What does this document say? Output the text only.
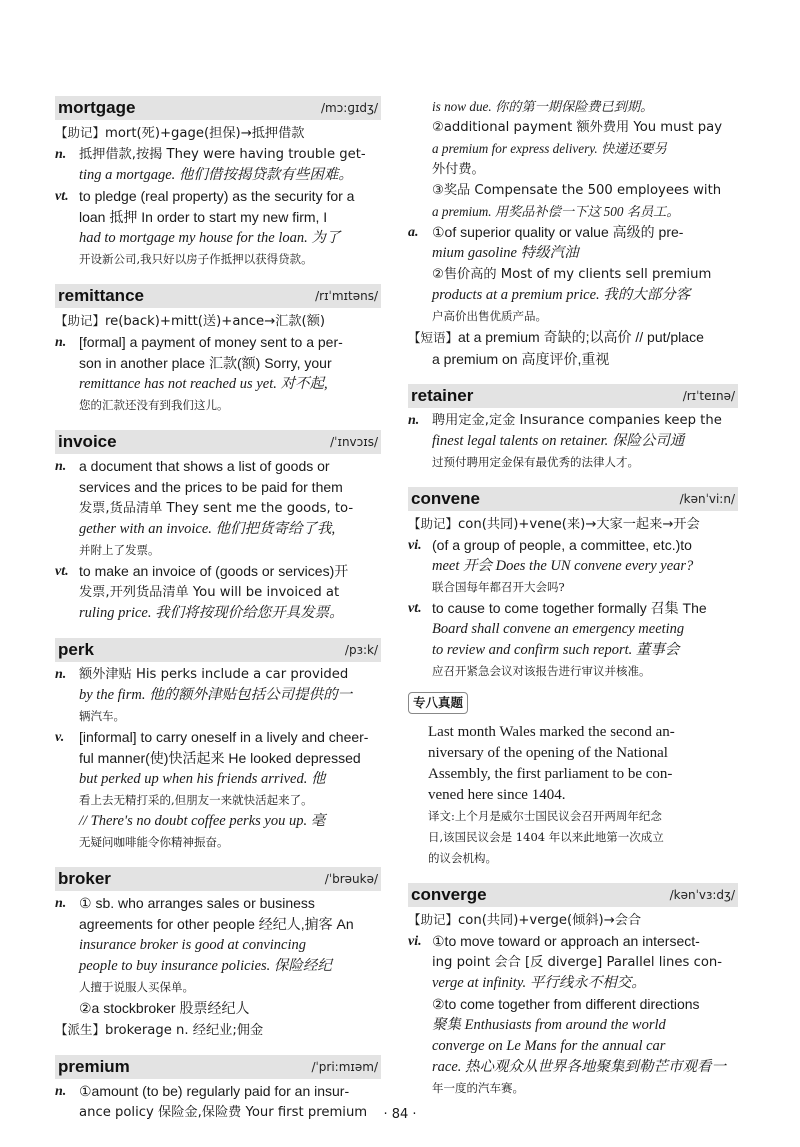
mortgage	/mɔ:ɡɪdʒ/
【助记】mort(死)+gage(担保)→抵押借款
n. 抵押借款,按揭 They were having trouble get-
ting a mortgage. 他们借按揭贷款有些困难。
vt. to pledge (real property) as the security for a
loan 抵押 In order to start my new firm, I
had to mortgage my house for the loan. 为了
开设新公司,我只好以房子作抵押以获得贷款。
remittance	/rɪˈmɪtəns/
【助记】re(back)+mitt(送)+ance→汇款(额)
n. [formal] a payment of money sent to a per-
son in another place 汇款(额) Sorry, your
remittance has not reached us yet. 对不起,
您的汇款还没有到我们这儿。
invoice	/ˈɪnvɔɪs/
n. a document that shows a list of goods or
services and the prices to be paid for them
发票,货品清单 They sent me the goods, to-
gether with an invoice. 他们把货寄给了我,
并附上了发票。
vt. to make an invoice of (goods or services)开
发票,开列货品清单 You will be invoiced at
ruling price. 我们将按现价给您开具发票。
perk	/pɜ:k/
n. 额外津贴 His perks include a car provided
by the firm. 他的额外津贴包括公司提供的一
辆汽车。
v. [informal] to carry oneself in a lively and cheer-
ful manner(使)快活起来 He looked depressed
but perked up when his friends arrived. 他
看上去无精打采的,但朋友一来就快活起来了。
// There's no doubt coffee perks you up. 毫
无疑问咖啡能令你精神振奋。
broker	/ˈbrəukə/
n. ① sb. who arranges sales or business
agreements for other people 经纪人,掮客 An
insurance broker is good at convincing
people to buy insurance policies. 保险经纪
人擅于说服人买保单。
②a stockbroker 股票经纪人
【派生】brokerage n. 经纪业;佣金
premium	/ˈpri:mɪəm/
n. ①amount (to be) regularly paid for an insur-
ance policy 保险金,保险费 Your first premium
is now due. 你的第一期保险费已到期。
②additional payment 额外费用 You must pay
a premium for express delivery. 快递还要另
外付费。
③奖品 Compensate the 500 employees with
a premium. 用奖品补偿一下这 500 名员工。
a. ①of superior quality or value 高级的 pre-
mium gasoline 特级汽油
②售价高的 Most of my clients sell premium
products at a premium price. 我的大部分客
户高价出售优质产品。
【短语】at a premium 奇缺的;以高价 // put/place
a premium on 高度评价,重视
retainer	/rɪˈteɪnə/
n. 聘用定金,定金 Insurance companies keep the
finest legal talents on retainer. 保险公司通
过预付聘用定金保有最优秀的法律人才。
convene	/kənˈvi:n/
【助记】con(共同)+vene(来)→大家一起来→开会
vi. (of a group of people, a committee, etc.)to
meet 开会 Does the UN convene every year?
联合国每年都召开大会吗?
vt. to cause to come together formally 召集 The
Board shall convene an emergency meeting
to review and confirm such report. 董事会
应召开紧急会议对该报告进行审议并核准。
专八真题
Last month Wales marked the second an-
niversary of the opening of the National
Assembly, the first parliament to be con-
vened here since 1404.
译文:上个月是威尔士国民议会召开两周年纪念
日,该国民议会是 1404 年以来此地第一次成立
的议会机构。
converge	/kənˈvɜ:dʒ/
【助记】con(共同)+verge(倾斜)→会合
vi. ①to move toward or approach an intersect-
ing point 会合 [反 diverge] Parallel lines con-
verge at infinity. 平行线永不相交。
②to come together from different directions
聚集 Enthusiasts from around the world
converge on Le Mans for the annual car
race. 热心观众从世界各地聚集到勒芒市观看一
年一度的汽车赛。
· 84 ·
